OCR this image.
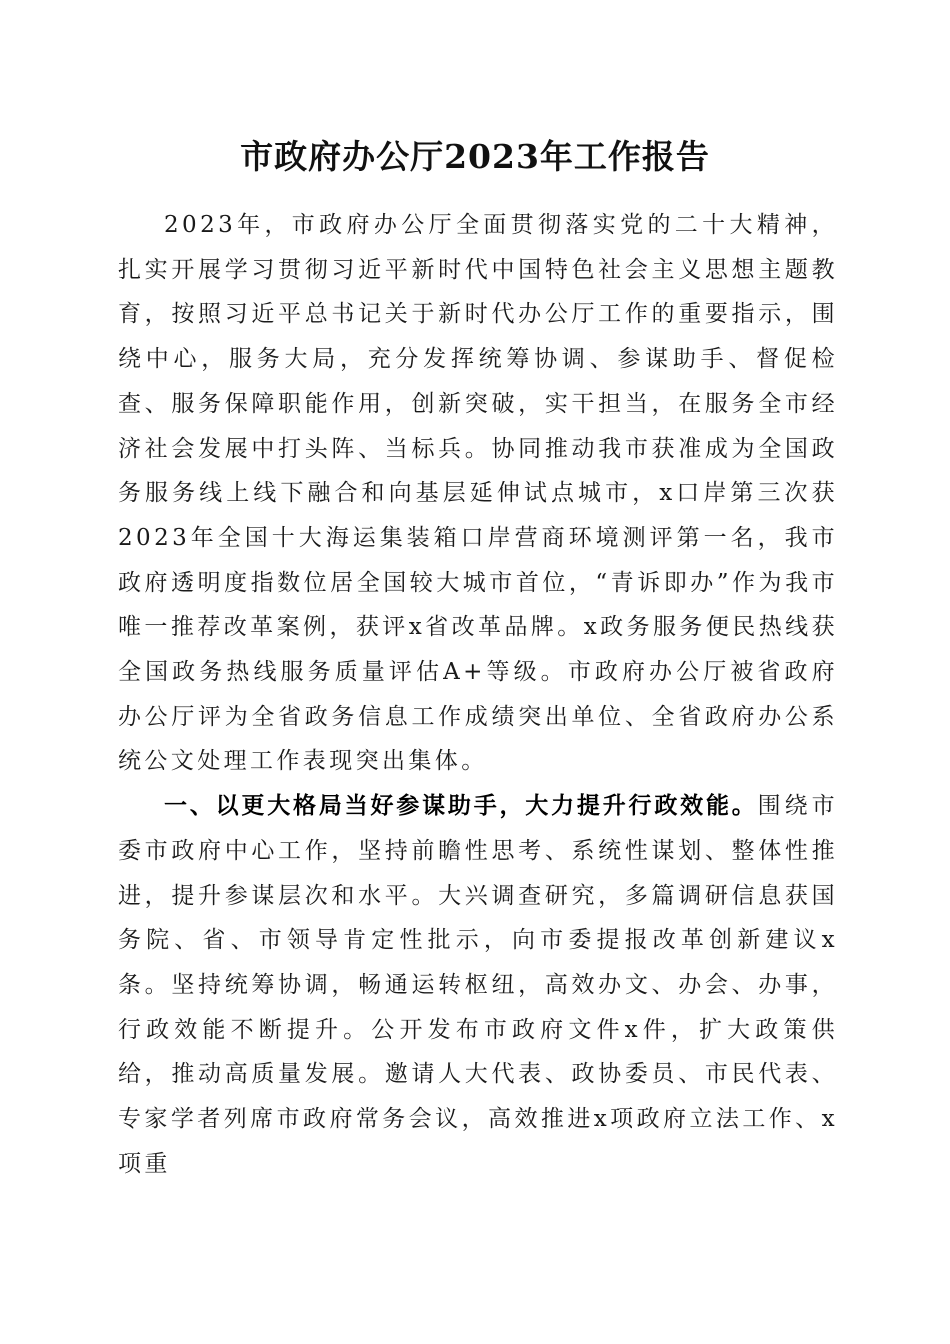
市政府办公厅2023年工作报告

2023年，市政府办公厅全面贯彻落实党的二十大精神，扎实开展学习贯彻习近平新时代中国特色社会主义思想主题教育，按照习近平总书记关于新时代办公厅工作的重要指示，围绕中心，服务大局，充分发挥统筹协调、参谋助手、督促检查、服务保障职能作用，创新突破，实干担当，在服务全市经济社会发展中打头阵、当标兵。协同推动我市获准成为全国政务服务线上线下融合和向基层延伸试点城市，x口岸第三次获2023年全国十大海运集装箱口岸营商环境测评第一名，我市政府透明度指数位居全国较大城市首位，“青诉即办”作为我市唯一推荐改革案例，获评x省改革品牌。x政务服务便民热线获全国政务热线服务质量评估A+等级。市政府办公厅被省政府办公厅评为全省政务信息工作成绩突出单位、全省政府办公系统公文处理工作表现突出集体。

一、以更大格局当好参谋助手，大力提升行政效能。围绕市委市政府中心工作，坚持前瞻性思考、系统性谋划、整体性推进，提升参谋层次和水平。大兴调查研究，多篇调研信息获国务院、省、市领导肯定性批示，向市委提报改革创新建议x条。坚持统筹协调，畅通运转枢纽，高效办文、办会、办事，行政效能不断提升。公开发布市政府文件x件，扩大政策供给，推动高质量发展。邀请人大代表、政协委员、市民代表、专家学者列席市政府常务会议，高效推进x项政府立法工作、x项重
